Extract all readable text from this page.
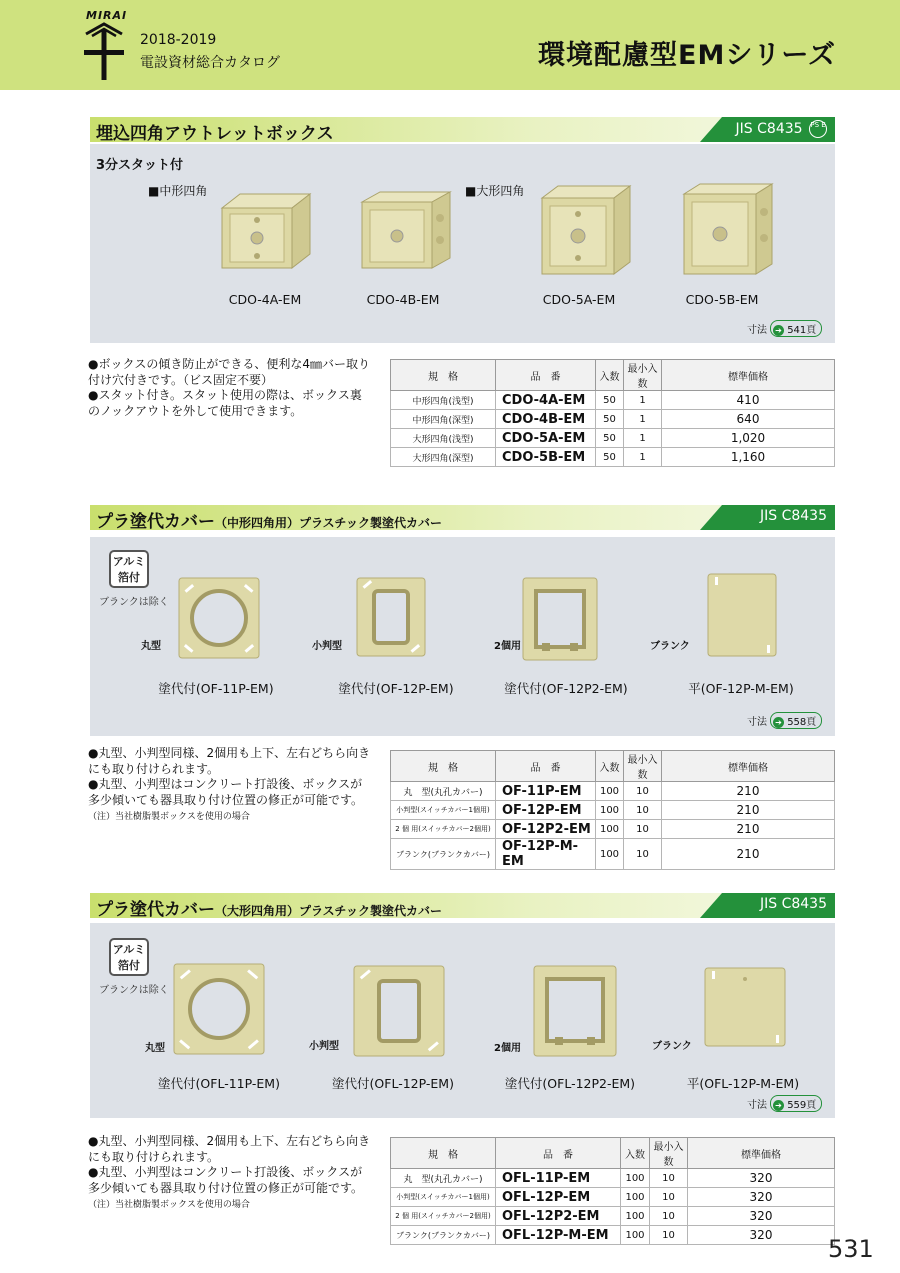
MIRAI
2018-2019
電設資材総合カタログ	環境配慮型EMシリーズ
埋込四角アウトレットボックス	JIS C8435 PS E
3分スタット付
■中形四角	■大形四角
CDO-4A-EM	CDO-4B-EM	CDO-5A-EM	CDO-5B-EM
寸法 ➔ 541頁
●ボックスの傾き防止ができる、便利な4㎜バー取り付け穴付きです。（ビス固定不要）
●スタット付き。スタット使用の際は、ボックス裏のノックアウトを外して使用できます。
規　格	品　番	入数	最小入数	標準価格
中形四角(浅型)	CDO-4A-EM	50	1	410
中形四角(深型)	CDO-4B-EM	50	1	640
大形四角(浅型)	CDO-5A-EM	50	1	1,020
大形四角(深型)	CDO-5B-EM	50	1	1,160
プラ塗代カバー（中形四角用）プラスチック製塗代カバー	JIS C8435
アルミ
箔付
ブランクは除く
丸型	小判型	2個用	ブランク
塗代付(OF-11P-EM)	塗代付(OF-12P-EM)	塗代付(OF-12P2-EM)	平(OF-12P-M-EM)
寸法 ➔ 558頁
●丸型、小判型同様、2個用も上下、左右どちら向きにも取り付けられます。
●丸型、小判型はコンクリート打設後、ボックスが多少傾いても器具取り付け位置の修正が可能です。（注）当社樹脂製ボックスを使用の場合
規　格	品　番	入数	最小入数	標準価格
丸　型(丸孔カバー)	OF-11P-EM	100	10	210
小判型(スイッチカバー1個用)	OF-12P-EM	100	10	210
2 個 用(スイッチカバー2個用)	OF-12P2-EM	100	10	210
ブランク(ブランクカバー)	OF-12P-M-EM	100	10	210
プラ塗代カバー（大形四角用）プラスチック製塗代カバー	JIS C8435
アルミ
箔付
ブランクは除く
丸型	小判型	2個用	ブランク
塗代付(OFL-11P-EM)	塗代付(OFL-12P-EM)	塗代付(OFL-12P2-EM)	平(OFL-12P-M-EM)
寸法 ➔ 559頁
●丸型、小判型同様、2個用も上下、左右どちら向きにも取り付けられます。
●丸型、小判型はコンクリート打設後、ボックスが多少傾いても器具取り付け位置の修正が可能です。（注）当社樹脂製ボックスを使用の場合
規　格	品　番	入数	最小入数	標準価格
丸　型(丸孔カバー)	OFL-11P-EM	100	10	320
小判型(スイッチカバー1個用)	OFL-12P-EM	100	10	320
2 個 用(スイッチカバー2個用)	OFL-12P2-EM	100	10	320
ブランク(ブランクカバー)	OFL-12P-M-EM	100	10	320 531
